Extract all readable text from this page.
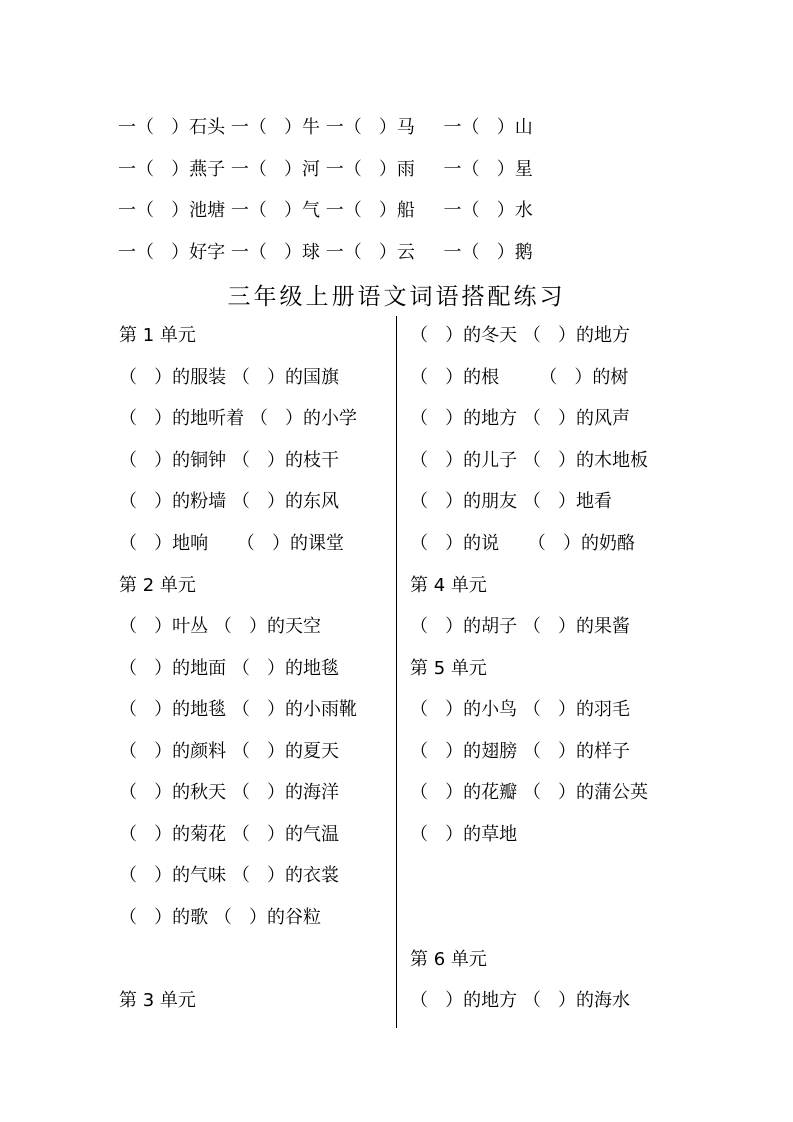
一（   ）石头 一（   ）牛 一（   ）马     一（   ）山
一（   ）燕子 一（   ）河 一（   ）雨     一（   ）星
一（   ）池塘 一（   ）气 一（   ）船     一（   ）水
一（   ）好字 一（   ）球 一（   ）云     一（   ）鹅
三年级上册语文词语搭配练习
第 1 单元
（   ）的服装 （   ）的国旗
（   ）的地听着 （   ）的小学
（   ）的铜钟 （   ）的枝干
（   ）的粉墙 （   ）的东风
（   ）地响     （   ）的课堂
第 2 单元
（   ）叶丛 （   ）的天空
（   ）的地面 （   ）的地毯
（   ）的地毯 （   ）的小雨靴
（   ）的颜料 （   ）的夏天
（   ）的秋天 （   ）的海洋
（   ）的菊花 （   ）的气温
（   ）的气味 （   ）的衣裳
（   ）的歌 （   ）的谷粒
第 3 单元
（   ）的冬天 （   ）的地方
（   ）的根       （   ）的树
（   ）的地方 （   ）的风声
（   ）的儿子 （   ）的木地板
（   ）的朋友 （   ）地看
（   ）的说     （   ）的奶酪
第 4 单元
（   ）的胡子 （   ）的果酱
第 5 单元
（   ）的小鸟 （   ）的羽毛
（   ）的翅膀 （   ）的样子
（   ）的花瓣 （   ）的蒲公英
（   ）的草地
第 6 单元
（   ）的地方 （   ）的海水
